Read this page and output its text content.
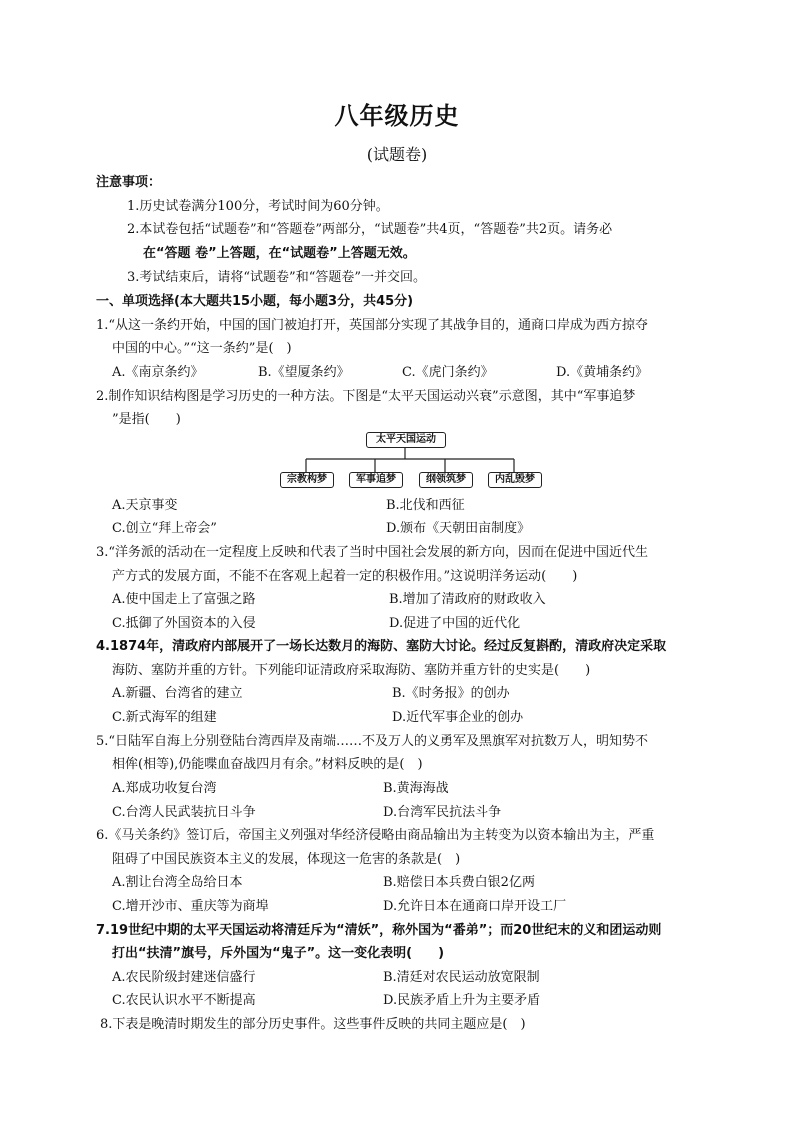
八年级历史
(试题卷)
注意事项：
1.历史试卷满分100分，考试时间为60分钟。
2.本试卷包括“试题卷”和“答题卷”两部分，“试题卷”共4页，“答题卷”共2页。请务必
在“答题 卷”上答题，在“试题卷”上答题无效。
3.考试结束后，请将“试题卷”和“答题卷”一并交回。
一、单项选择(本大题共15小题，每小题3分，共45分)
1.“从这一条约开始，中国的国门被迫打开，英国部分实现了其战争目的，通商口岸成为西方掠夺
中国的中心。”“这一条约”是(　)
A.《南京条约》	B.《望厦条约》	C.《虎门条约》	D.《黄埔条约》
2.制作知识结构图是学习历史的一种方法。下图是“太平天国运动兴衰”示意图，其中“军事追梦
”是指(　　)
太平天国运动
宗教构梦	军事追梦	纲领筑梦	内乱毁梦
A.天京事变	B.北伐和西征
C.创立“拜上帝会”	D.颁布《天朝田亩制度》
3.“洋务派的活动在一定程度上反映和代表了当时中国社会发展的新方向，因而在促进中国近代生
产方式的发展方面，不能不在客观上起着一定的积极作用。”这说明洋务运动(　　)
A.使中国走上了富强之路	B.增加了清政府的财政收入
C.抵御了外国资本的入侵	D.促进了中国的近代化
4.1874年，清政府内部展开了一场长达数月的海防、塞防大讨论。经过反复斟酌，清政府决定采取
海防、塞防并重的方针。下列能印证清政府采取海防、塞防并重方针的史实是(　　)
A.新疆、台湾省的建立	B.《时务报》的创办
C.新式海军的组建	D.近代军事企业的创办
5.“日陆军自海上分别登陆台湾西岸及南端……不及万人的义勇军及黑旗军对抗数万人，明知势不
相侔(相等),仍能喋血奋战四月有余。”材料反映的是(　)
A.郑成功收复台湾	B.黄海海战
C.台湾人民武装抗日斗争	D.台湾军民抗法斗争
6.《马关条约》签订后，帝国主义列强对华经济侵略由商品输出为主转变为以资本输出为主，严重
阻碍了中国民族资本主义的发展，体现这一危害的条款是(　)
A.割让台湾全岛给日本	B.赔偿日本兵费白银2亿两
C.增开沙市、重庆等为商埠	D.允许日本在通商口岸开设工厂
7.19世纪中期的太平天国运动将清廷斥为“清妖”，称外国为“番弟”；而20世纪末的义和团运动则
打出“扶清”旗号，斥外国为“鬼子”。这一变化表明(　　)
A.农民阶级封建迷信盛行	B.清廷对农民运动放宽限制
C.农民认识水平不断提高	D.民族矛盾上升为主要矛盾
8.下表是晚清时期发生的部分历史事件。这些事件反映的共同主题应是(　)
